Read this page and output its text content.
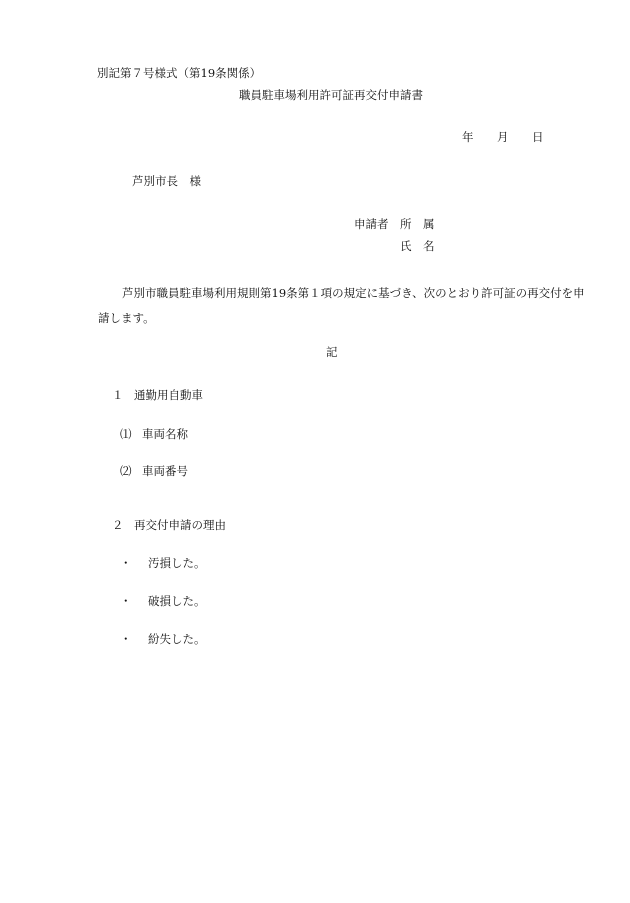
別記第７号様式（第19条関係）
職員駐車場利用許可証再交付申請書
年 月 日
芦別市長　様
申請者 所　属
氏　名
芦別市職員駐車場利用規則第19条第１項の規定に基づき、次のとおり許可証の再交付を申請します。
記
１ 通勤用自動車
⑴ 車両名称
⑵ 車両番号
２ 再交付申請の理由
・ 汚損した。
・ 破損した。
・ 紛失した。
